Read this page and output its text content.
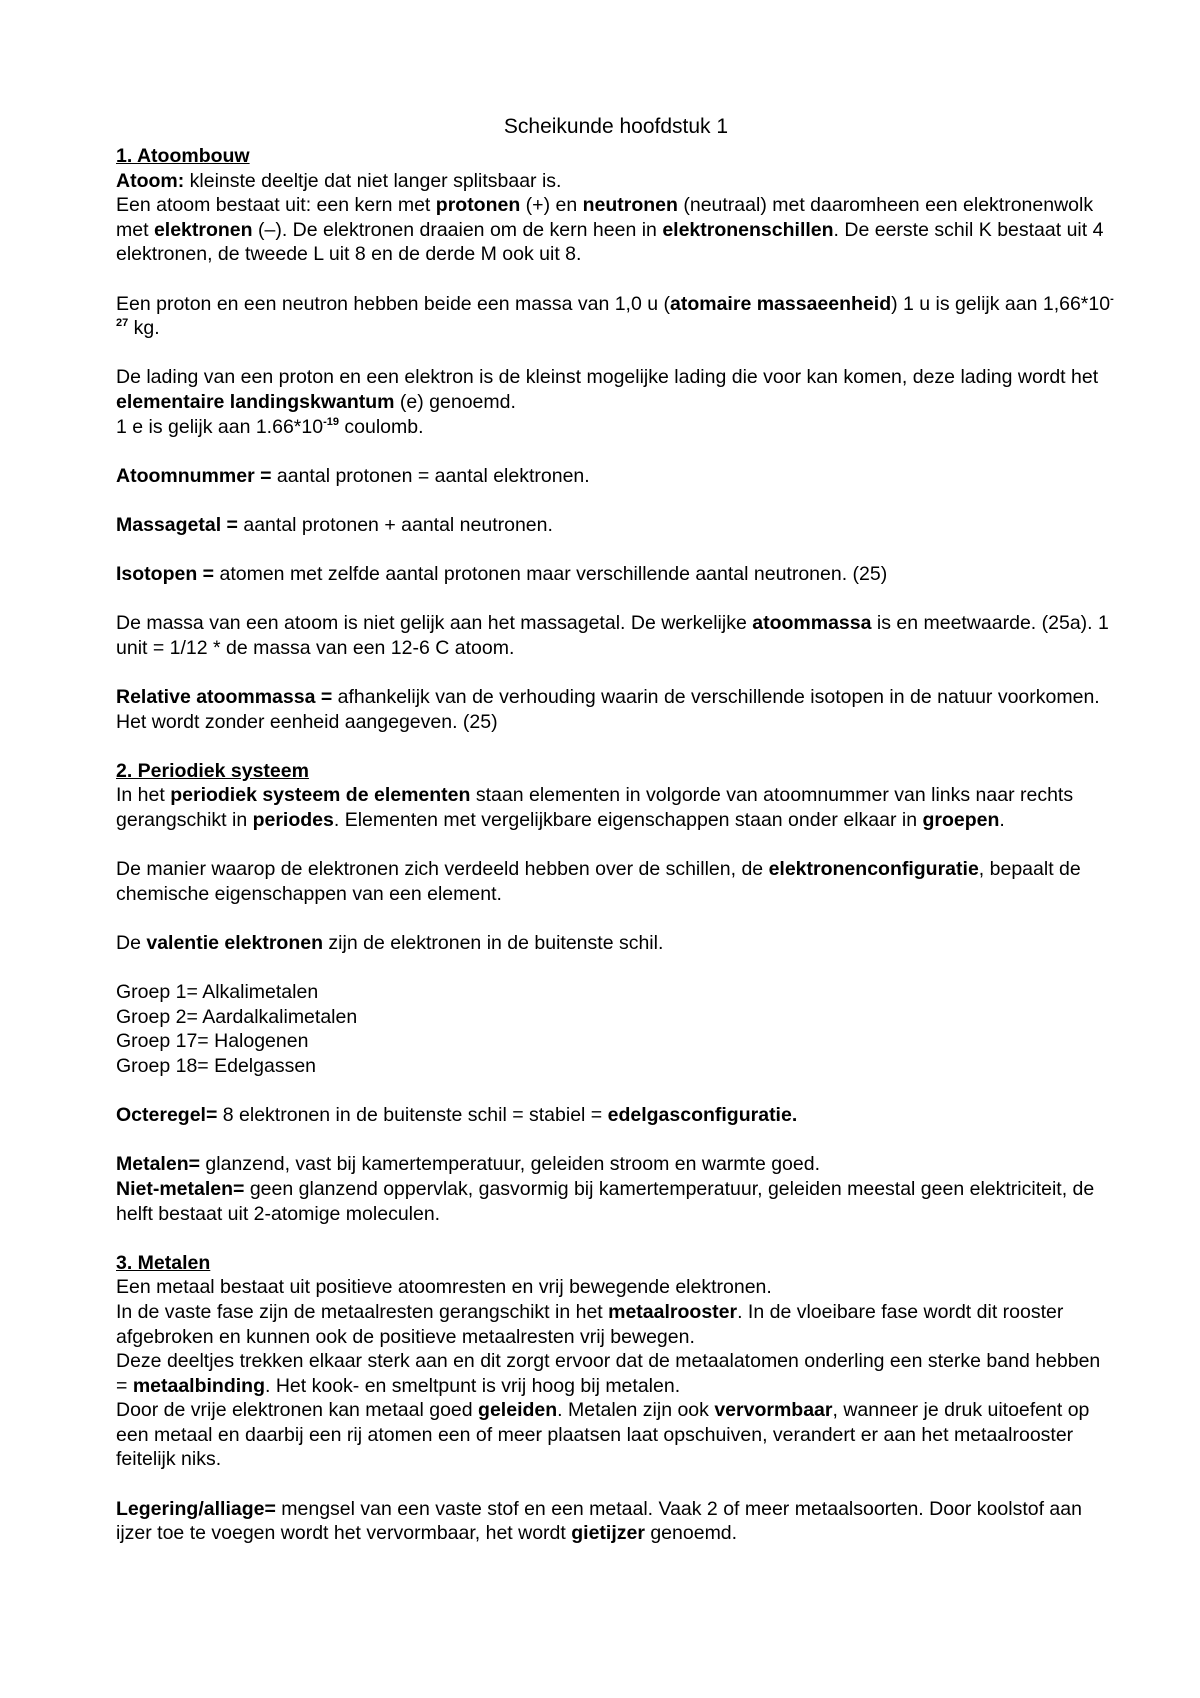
Scheikunde hoofdstuk 1
1. Atoombouw

Atoom: kleinste deeltje dat niet langer splitsbaar is.

Een atoom bestaat uit: een kern met protonen (+) en neutronen (neutraal) met daaromheen een elektronenwolk met elektronen (–). De elektronen draaien om de kern heen in elektronenschillen. De eerste schil K bestaat uit 4 elektronen, de tweede L uit 8 en de derde M ook uit 8.

Een proton en een neutron hebben beide een massa van 1,0 u (atomaire massaeenheid) 1 u is gelijk aan $1,66*10^{-27}$ kg.

De lading van een proton en een elektron is de kleinst mogelijke lading die voor kan komen, deze lading wordt het elementaire landingskwantum (e) genoemd.
1 e is gelijk aan $1.66*10^{-19}$ coulomb.

Atoomnummer = aantal protonen = aantal elektronen.

Massagetal = aantal protonen + aantal neutronen.

Isotopen = atomen met zelfde aantal protonen maar verschillende aantal neutronen. (25)

De massa van een atoom is niet gelijk aan het massagetal. De werkelijke atoommassa is en meetwaarde. (25a). 1 unit = 1/12 * de massa van een 12-6 C atoom.

Relative atoommassa = afhankelijk van de verhouding waarin de verschillende isotopen in de natuur voorkomen. Het wordt zonder eenheid aangegeven. (25)

2. Periodiek systeem

In het periodiek systeem de elementen staan elementen in volgorde van atoomnummer van links naar rechts gerangschikt in periodes. Elementen met vergelijkbare eigenschappen staan onder elkaar in groepen.

De manier waarop de elektronen zich verdeeld hebben over de schillen, de elektronenconfiguratie, bepaalt de chemische eigenschappen van een element.

De valentie elektronen zijn de elektronen in de buitenste schil.

Groep 1= Alkalimetalen
Groep 2= Aardalkalimetalen
Groep 17= Halogenen
Groep 18= Edelgassen

Octeregel= 8 elektronen in de buitenste schil = stabiel = edelgasconfiguratie.

Metalen= glanzend, vast bij kamertemperatuur, geleiden stroom en warmte goed.

Niet-metalen= geen glanzend oppervlak, gasvormig bij kamertemperatuur, geleiden meestal geen elektriciteit, de helft bestaat uit 2-atomige moleculen.

3. Metalen

Een metaal bestaat uit positieve atoomresten en vrij bewegende elektronen.

In de vaste fase zijn de metaalresten gerangschikt in het metaalrooster. In de vloeibare fase wordt dit rooster afgebroken en kunnen ook de positieve metaalresten vrij bewegen.

Deze deeltjes trekken elkaar sterk aan en dit zorgt ervoor dat de metaalatomen onderling een sterke band hebben = metaalbinding. Het kook- en smeltpunt is vrij hoog bij metalen.

Door de vrije elektronen kan metaal goed geleiden. Metalen zijn ook vervormbaar, wanneer je druk uitoefent op een metaal en daarbij een rij atomen een of meer plaatsen laat opschuiven, verandert er aan het metaalrooster feitelijk niks.

Legering/alliage= mengsel van een vaste stof en een metaal. Vaak 2 of meer metaalsoorten. Door koolstof aan ijzer toe te voegen wordt het vervormbaar, het wordt gietijzer genoemd.
